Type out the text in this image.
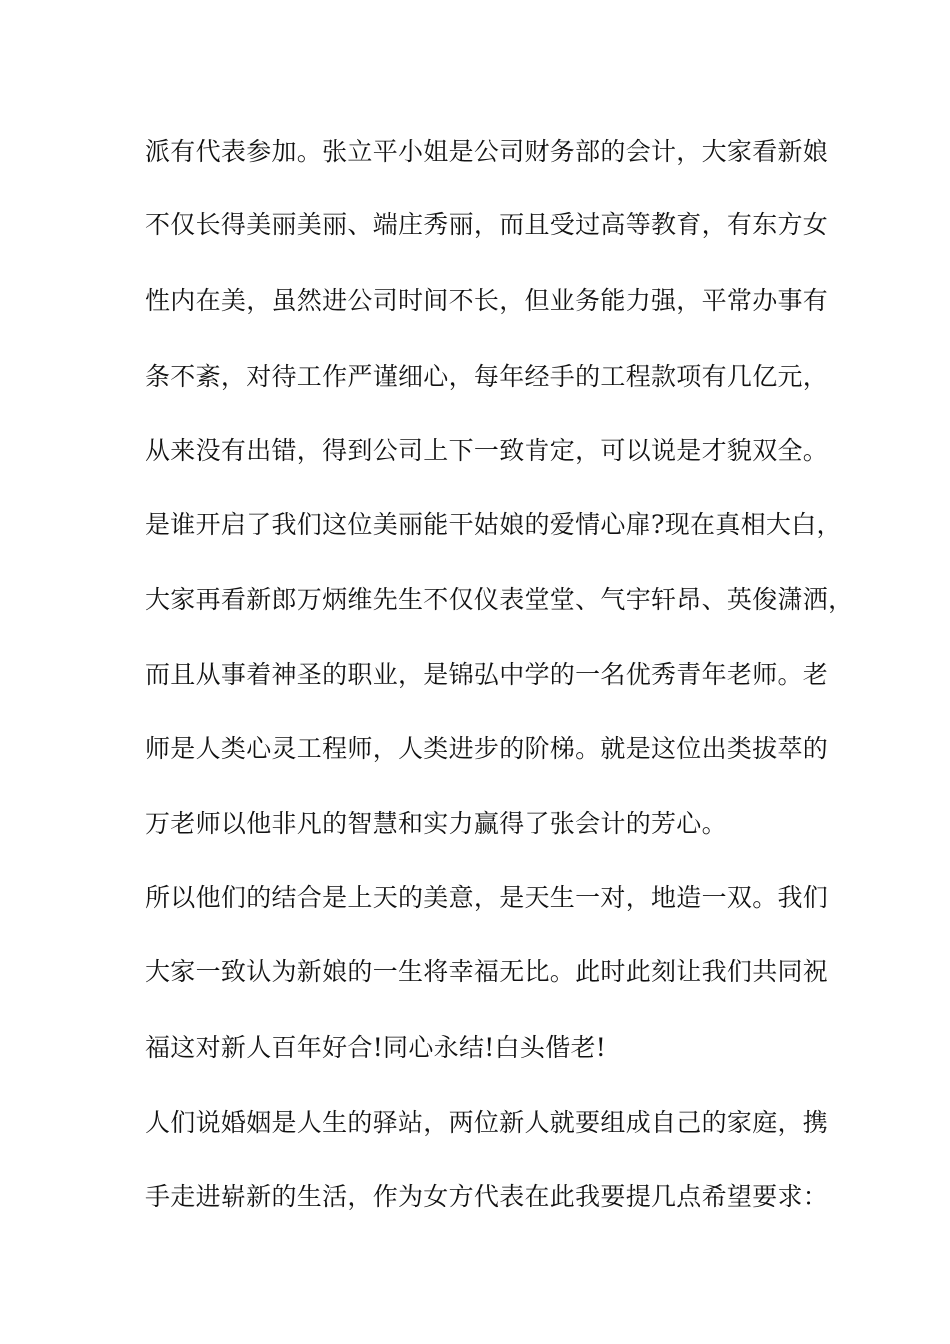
派有代表参加。张立平小姐是公司财务部的会计，大家看新娘

不仅长得美丽美丽、端庄秀丽，而且受过高等教育，有东方女

性内在美，虽然进公司时间不长，但业务能力强，平常办事有

条不紊，对待工作严谨细心，每年经手的工程款项有几亿元，

从来没有出错，得到公司上下一致肯定，可以说是才貌双全。

是谁开启了我们这位美丽能干姑娘的爱情心扉?现在真相大白，

大家再看新郎万炳维先生不仅仪表堂堂、气宇轩昂、英俊潇洒，

而且从事着神圣的职业，是锦弘中学的一名优秀青年老师。老

师是人类心灵工程师，人类进步的阶梯。就是这位出类拔萃的

万老师以他非凡的智慧和实力赢得了张会计的芳心。

所以他们的结合是上天的美意，是天生一对，地造一双。我们

大家一致认为新娘的一生将幸福无比。此时此刻让我们共同祝

福这对新人百年好合!同心永结!白头偕老!

人们说婚姻是人生的驿站，两位新人就要组成自己的家庭，携

手走进崭新的生活，作为女方代表在此我要提几点希望要求：
